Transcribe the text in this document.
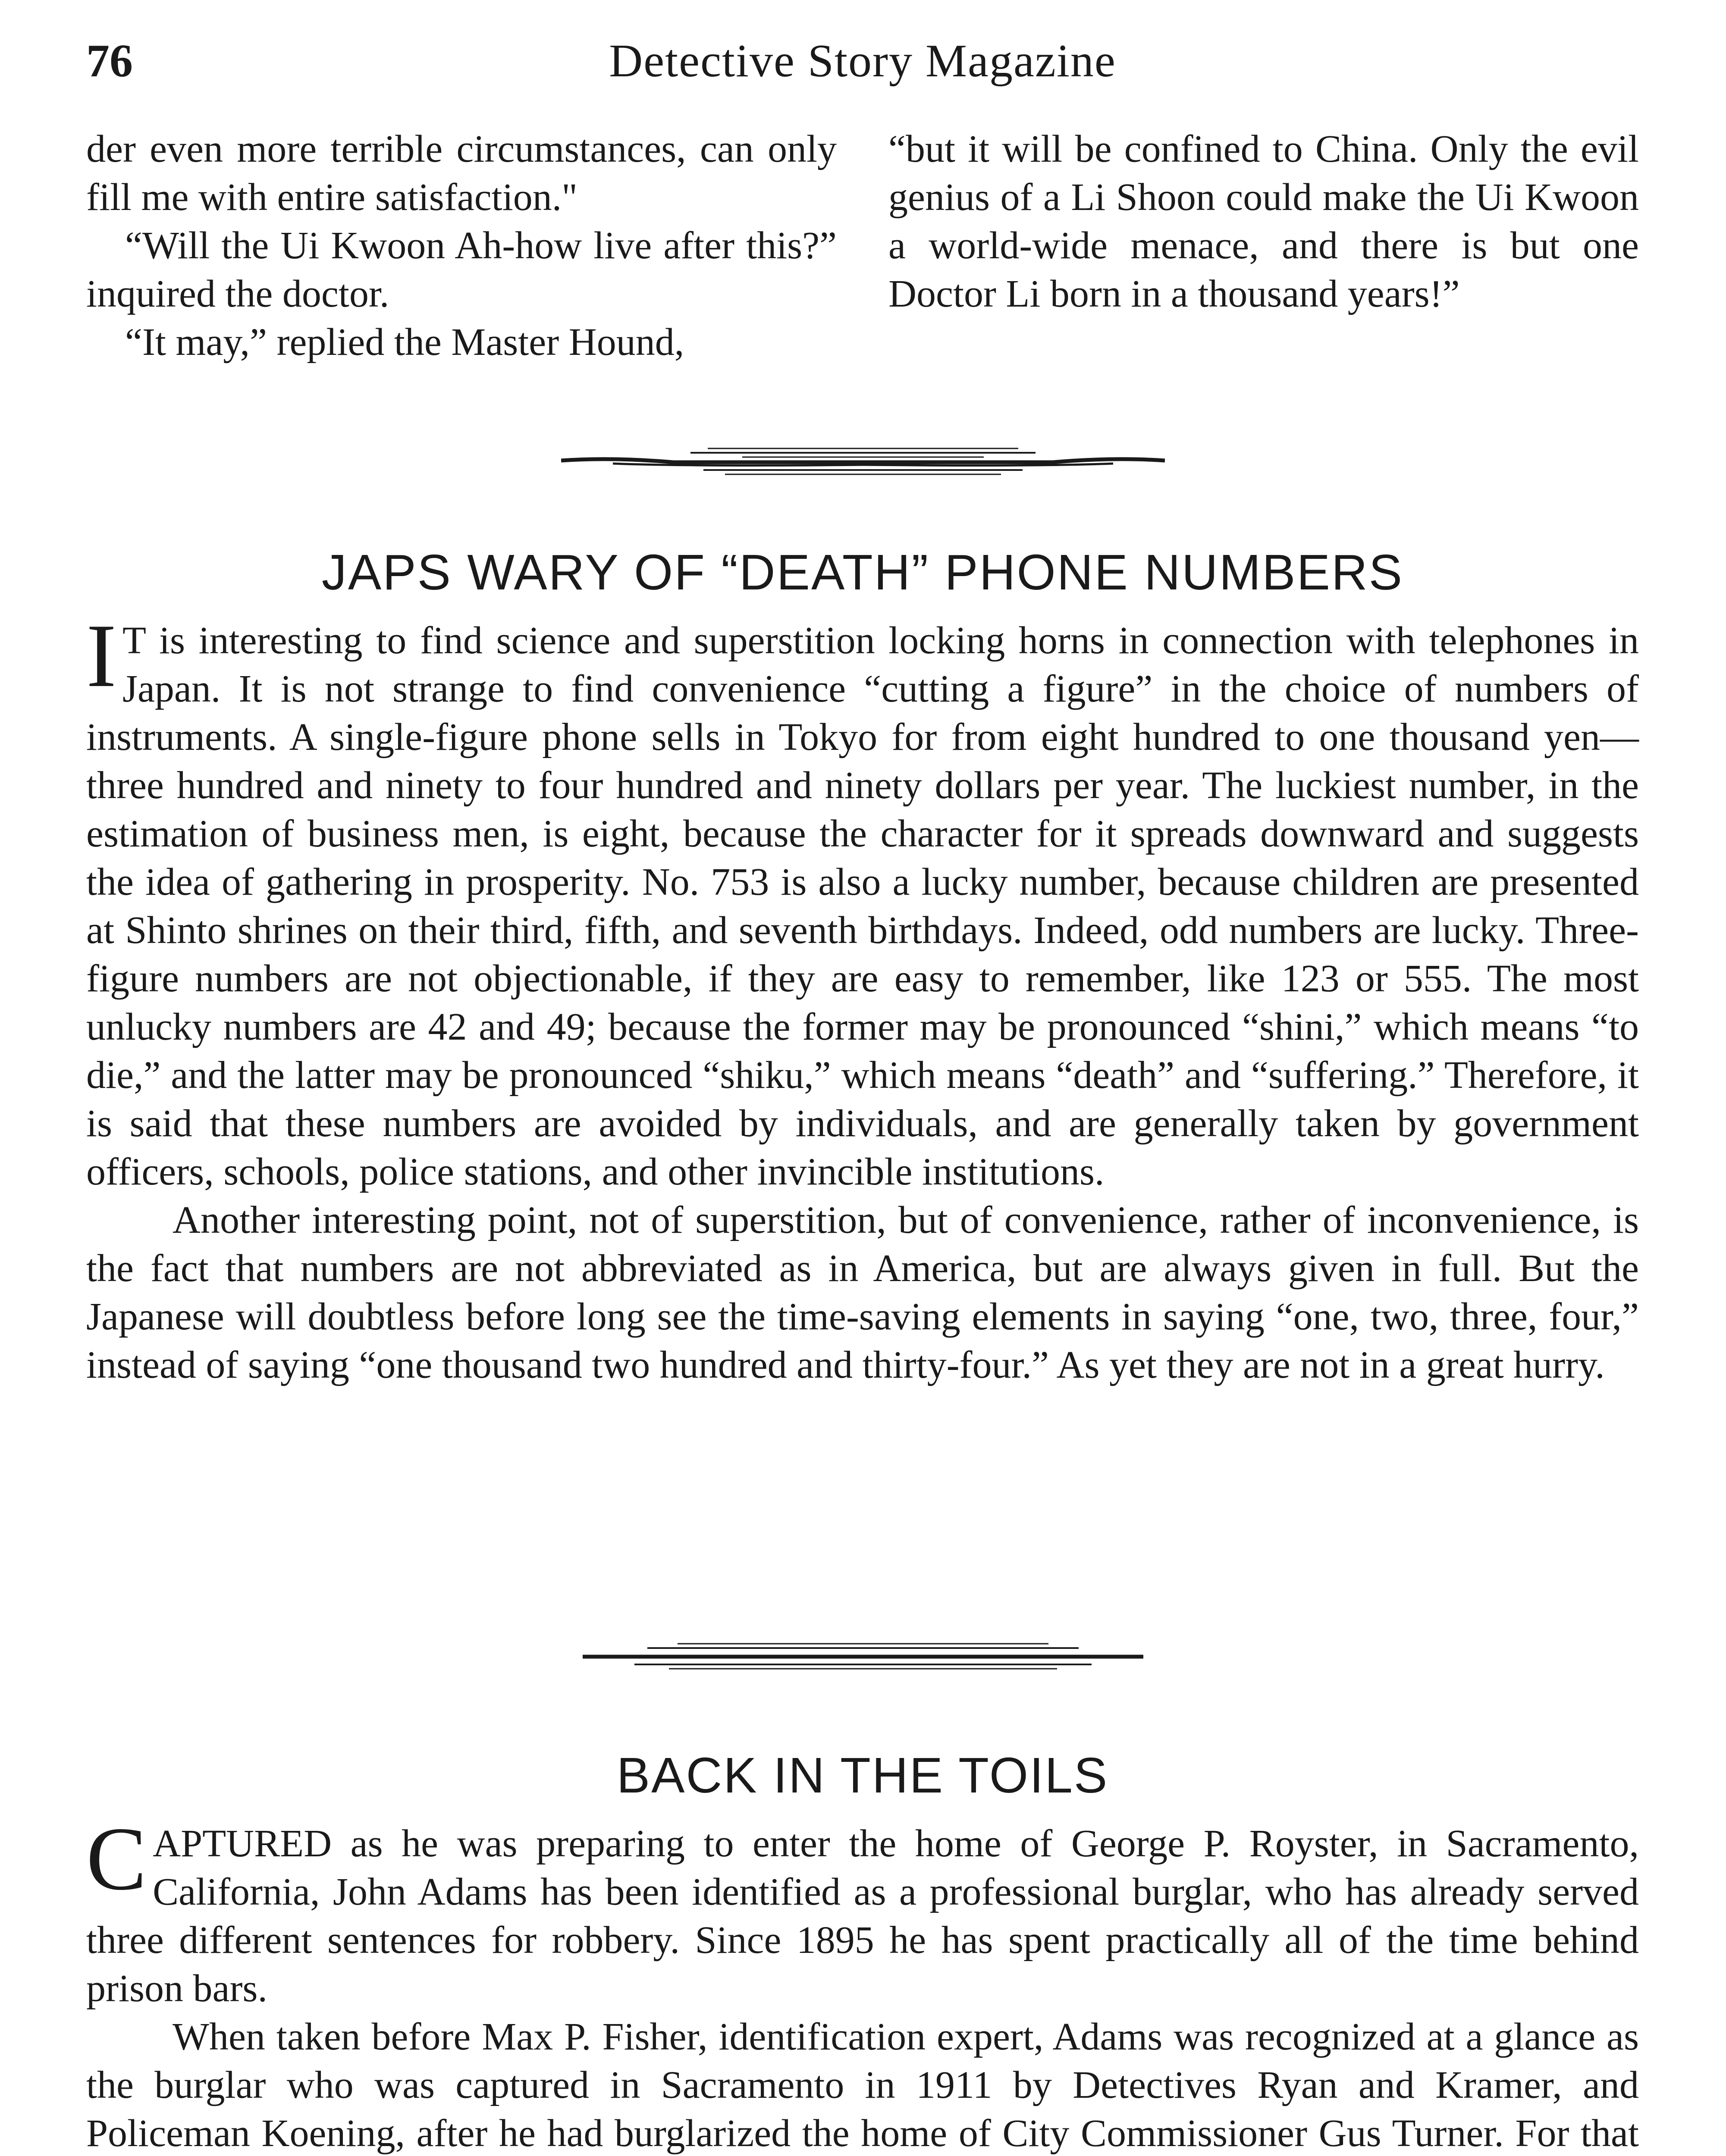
76	Detective Story Magazine

der even more terrible circumstances, can only fill me with entire satisfaction."

“Will the Ui Kwoon Ah-how live after this?” inquired the doctor.

“It may,” replied the Master Hound,

“but it will be confined to China. Only the evil genius of a Li Shoon could make the Ui Kwoon a world-wide menace, and there is but one Doctor Li born in a thousand years!”

JAPS WARY OF “DEATH” PHONE NUMBERS

I T is interesting to find science and superstition locking horns in connection with telephones in Japan. It is not strange to find convenience “cutting a figure” in the choice of numbers of instruments. A single-figure phone sells in Tokyo for from eight hundred to one thousand yen—three hundred and ninety to four hundred and ninety dollars per year. The luckiest number, in the estimation of business men, is eight, because the character for it spreads downward and suggests the idea of gathering in prosperity. No. 753 is also a lucky number, because children are presented at Shinto shrines on their third, fifth, and seventh birthdays. Indeed, odd numbers are lucky. Three-figure numbers are not objectionable, if they are easy to remember, like 123 or 555. The most unlucky numbers are 42 and 49; because the former may be pronounced “shini,” which means “to die,” and the latter may be pronounced “shiku,” which means “death” and “suffering.” Therefore, it is said that these numbers are avoided by individuals, and are generally taken by government officers, schools, police stations, and other invincible institutions.

Another interesting point, not of superstition, but of convenience, rather of inconvenience, is the fact that numbers are not abbreviated as in America, but are always given in full. But the Japanese will doubtless before long see the time-saving elements in saying “one, two, three, four,” instead of saying “one thousand two hundred and thirty-four.” As yet they are not in a great hurry.

BACK IN THE TOILS

CAPTURED as he was preparing to enter the home of George P. Royster, in Sacramento, California, John Adams has been identified as a professional burglar, who has already served three different sentences for robbery. Since 1895 he has spent practically all of the time behind prison bars.

When taken before Max P. Fisher, identification expert, Adams was recognized at a glance as the burglar who was captured in Sacramento in 1911 by Detectives Ryan and Kramer, and Policeman Koening, after he had burglarized the home of City Commissioner Gus Turner. For that
